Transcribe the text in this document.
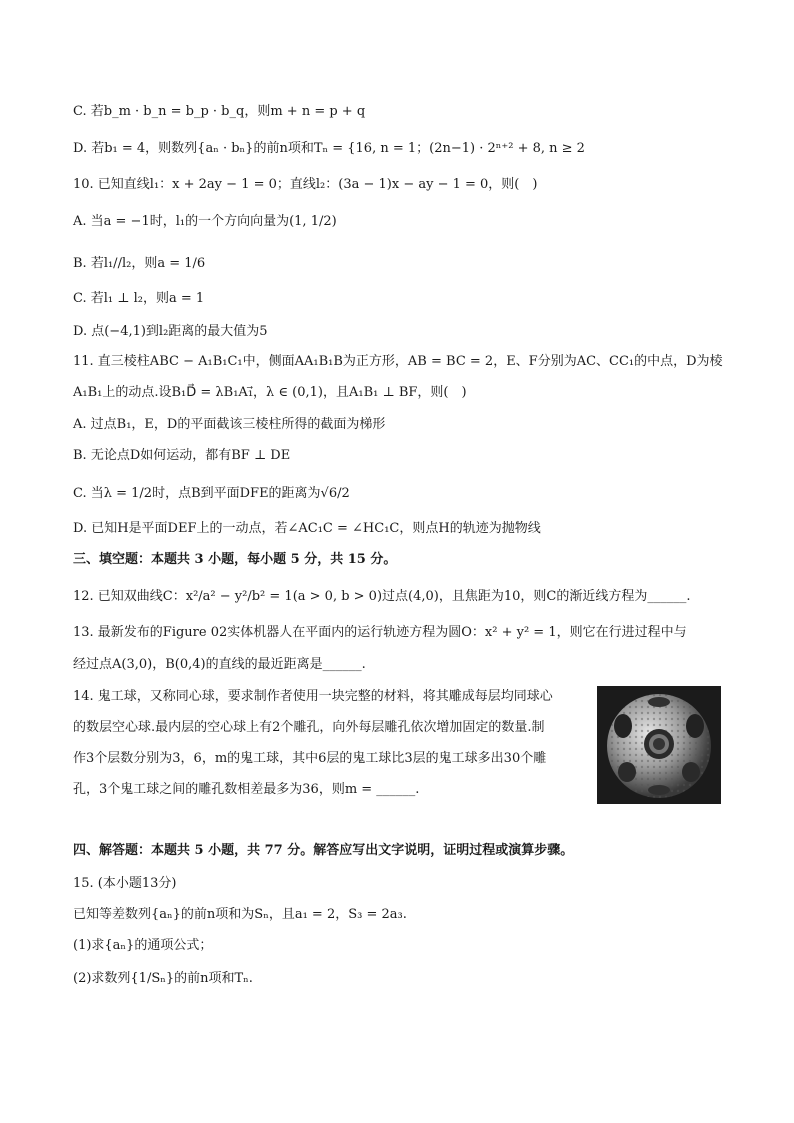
C. 若b_m · b_n = b_p · b_q，则m + n = p + q
D. 若b₁ = 4，则数列{aₙ · bₙ}的前n项和Tₙ = {16, n = 1；(2n−1) · 2ⁿ⁺² + 8, n ≥ 2
10. 已知直线l₁：x + 2ay − 1 = 0；直线l₂：(3a − 1)x − ay − 1 = 0，则(　)
A. 当a = −1时，l₁的一个方向向量为(1, 1/2)
B. 若l₁//l₂，则a = 1/6
C. 若l₁ ⊥ l₂，则a = 1
D. 点(−4,1)到l₂距离的最大值为5
11. 直三棱柱ABC − A₁B₁C₁中，侧面AA₁B₁B为正方形，AB = BC = 2，E、F分别为AC、CC₁的中点，D为棱
A₁B₁上的动点.设B₁D⃗ = λB₁A₁⃗，λ ∈ (0,1)，且A₁B₁ ⊥ BF，则(　)
A. 过点B₁，E，D的平面截该三棱柱所得的截面为梯形
B. 无论点D如何运动，都有BF ⊥ DE
C. 当λ = 1/2时，点B到平面DFE的距离为√6/2
D. 已知H是平面DEF上的一动点，若∠AC₁C = ∠HC₁C，则点H的轨迹为抛物线
三、填空题：本题共 3 小题，每小题 5 分，共 15 分。
12. 已知双曲线C：x²/a² − y²/b² = 1(a > 0, b > 0)过点(4,0)，且焦距为10，则C的渐近线方程为______.
13. 最新发布的Figure 02实体机器人在平面内的运行轨迹方程为圆O：x² + y² = 1，则它在行进过程中与
经过点A(3,0)，B(0,4)的直线的最近距离是______.
14. 鬼工球，又称同心球，要求制作者使用一块完整的材料，将其雕成每层均同球心
的数层空心球.最内层的空心球上有2个雕孔，向外每层雕孔依次增加固定的数量.制
作3个层数分别为3，6，m的鬼工球，其中6层的鬼工球比3层的鬼工球多出30个雕
孔，3个鬼工球之间的雕孔数相差最多为36，则m = ______.
四、解答题：本题共 5 小题，共 77 分。解答应写出文字说明，证明过程或演算步骤。
15. (本小题13分)
已知等差数列{aₙ}的前n项和为Sₙ，且a₁ = 2，S₃ = 2a₃.
(1)求{aₙ}的通项公式；
(2)求数列{1/Sₙ}的前n项和Tₙ.
